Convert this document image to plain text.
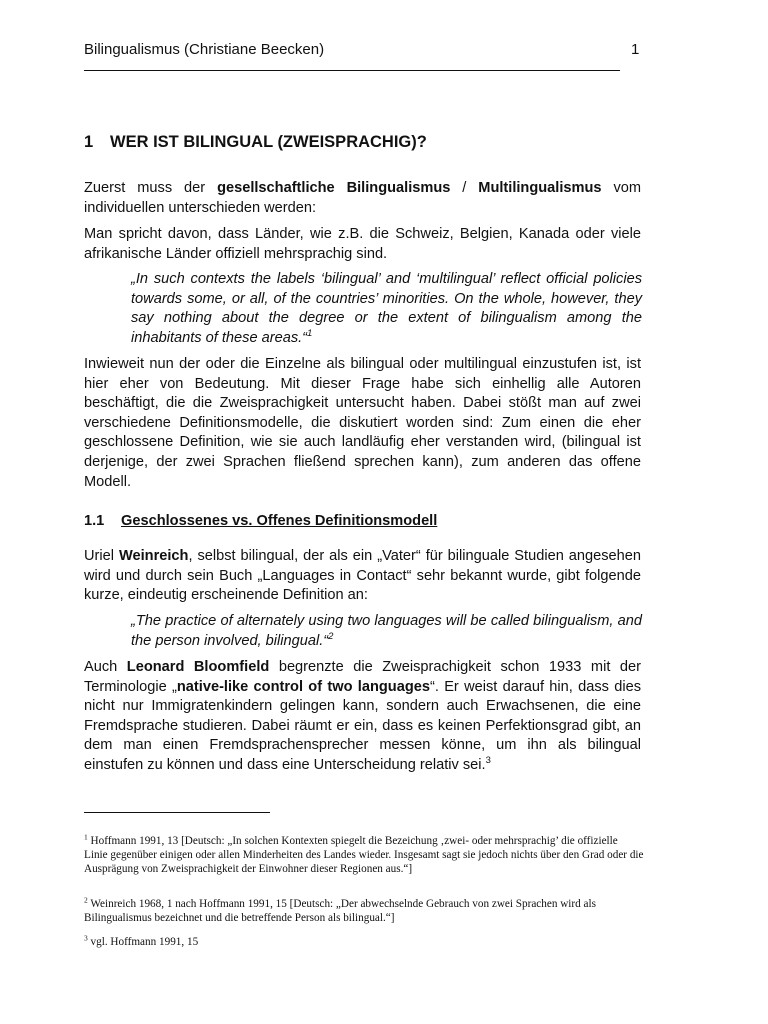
Bilingualismus (Christiane Beecken)	1
1 WER IST BILINGUAL (ZWEISPRACHIG)?
Zuerst muss der gesellschaftliche Bilingualismus / Multilingualismus vom individuellen unterschieden werden:
Man spricht davon, dass Länder, wie z.B. die Schweiz, Belgien, Kanada oder viele afrikanische Länder offiziell mehrsprachig sind.
„In such contexts the labels ‘bilingual’ and ‘multilingual’ reflect official policies towards some, or all, of the countries’ minorities. On the whole, however, they say nothing about the degree or the extent of bilingualism among the inhabitants of these areas.“$^1$
Inwieweit nun der oder die Einzelne als bilingual oder multilingual einzustufen ist, ist hier eher von Bedeutung. Mit dieser Frage habe sich einhellig alle Autoren beschäftigt, die die Zweisprachigkeit untersucht haben. Dabei stößt man auf zwei verschiedene Definitionsmodelle, die diskutiert worden sind: Zum einen die eher geschlossene Definition, wie sie auch landläufig eher verstanden wird, (bilingual ist derjenige, der zwei Sprachen fließend sprechen kann), zum anderen das offene Modell.
1.1 Geschlossenes vs. Offenes Definitionsmodell
Uriel Weinreich, selbst bilingual, der als ein „Vater“ für bilinguale Studien angesehen wird und durch sein Buch „Languages in Contact“ sehr bekannt wurde, gibt folgende kurze, eindeutig erscheinende Definition an:
„The practice of alternately using two languages will be called bilingualism, and the person involved, bilingual.“$^2$
Auch Leonard Bloomfield begrenzte die Zweisprachigkeit schon 1933 mit der Terminologie „native-like control of two languages“. Er weist darauf hin, dass dies nicht nur Immigratenkindern gelingen kann, sondern auch Erwachsenen, die eine Fremdsprache studieren. Dabei räumt er ein, dass es keinen Perfektionsgrad gibt, an dem man einen Fremdsprachensprecher messen könne, um ihn als bilingual einstufen zu können und dass eine Unterscheidung relativ sei.$^3$
$^1$ Hoffmann 1991, 13 [Deutsch: „In solchen Kontexten spiegelt die Bezeichung ‚zwei- oder mehrsprachig’ die offizielle Linie gegenüber einigen oder allen Minderheiten des Landes wieder. Insgesamt sagt sie jedoch nichts über den Grad oder die Ausprägung von Zweisprachigkeit der Einwohner dieser Regionen aus.“]
$^2$ Weinreich 1968, 1 nach Hoffmann 1991, 15 [Deutsch: „Der abwechselnde Gebrauch von zwei Sprachen wird als Bilingualismus bezeichnet und die betreffende Person als bilingual.“]
$^3$ vgl. Hoffmann 1991, 15
